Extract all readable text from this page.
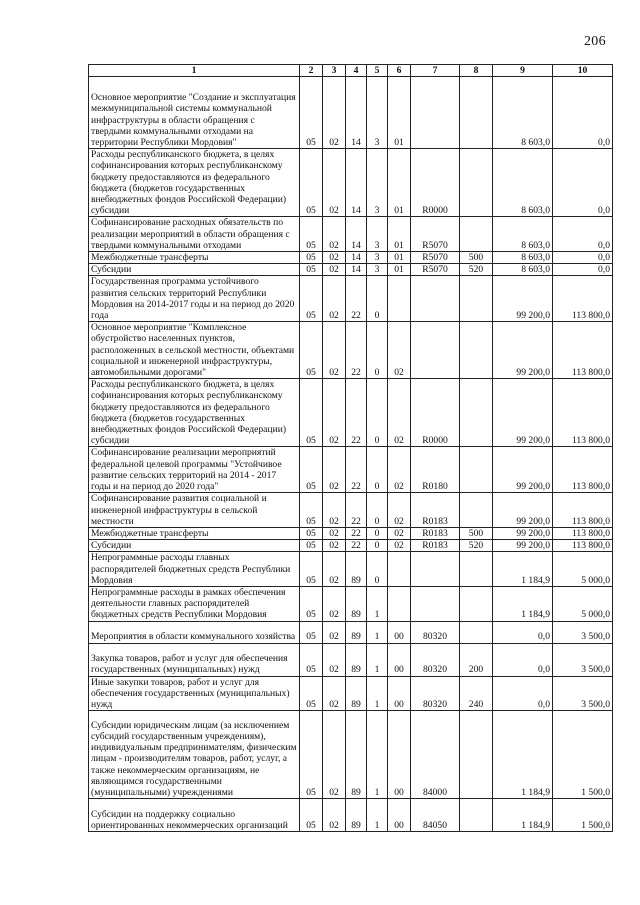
206
1	2	3	4	5	6	7	8	9	10
Основное мероприятие "Создание и эксплуатация межмуниципальной системы коммунальной инфраструктуры в области обращения с твердыми коммунальными отходами на территории Республики Мордовия"	05	02	14	3	01			8 603,0	0,0
Расходы республиканского бюджета, в целях софинансирования которых республиканскому бюджету предоставляются из федерального бюджета (бюджетов государственных внебюджетных фондов Российской Федерации) субсидии	05	02	14	3	01	R0000		8 603,0	0,0
Софинансирование расходных обязательств по реализации мероприятий в области обращения с твердыми коммунальными отходами	05	02	14	3	01	R5070		8 603,0	0,0
Межбюджетные трансферты	05	02	14	3	01	R5070	500	8 603,0	0,0
Субсидии	05	02	14	3	01	R5070	520	8 603,0	0,0
Государственная программа устойчивого развития сельских территорий Республики Мордовия на 2014-2017 годы и на период до 2020 года	05	02	22	0				99 200,0	113 800,0
Основное мероприятие "Комплексное обустройство населенных пунктов, расположенных в сельской местности, объектами социальной и инженерной инфраструктуры, автомобильными дорогами"	05	02	22	0	02			99 200,0	113 800,0
Расходы республиканского бюджета, в целях софинансирования которых республиканскому бюджету предоставляются из федерального бюджета (бюджетов государственных внебюджетных фондов Российской Федерации) субсидии	05	02	22	0	02	R0000		99 200,0	113 800,0
Софинансирование реализации мероприятий федеральной целевой программы "Устойчивое развитие сельских территорий на 2014 - 2017 годы и на период до 2020 года"	05	02	22	0	02	R0180		99 200,0	113 800,0
Софинансирование развития социальной и инженерной инфраструктуры в сельской местности	05	02	22	0	02	R0183		99 200,0	113 800,0
Межбюджетные трансферты	05	02	22	0	02	R0183	500	99 200,0	113 800,0
Субсидии	05	02	22	0	02	R0183	520	99 200,0	113 800,0
Непрограммные расходы главных распорядителей бюджетных средств Республики Мордовия	05	02	89	0				1 184,9	5 000,0
Непрограммные расходы в рамках обеспечения деятельности главных распорядителей бюджетных средств Республики Мордовия	05	02	89	1				1 184,9	5 000,0
Мероприятия в области коммунального хозяйства	05	02	89	1	00	80320		0,0	3 500,0
Закупка товаров, работ и услуг для обеспечения государственных (муниципальных) нужд	05	02	89	1	00	80320	200	0,0	3 500,0
Иные закупки товаров, работ и услуг для обеспечения государственных (муниципальных) нужд	05	02	89	1	00	80320	240	0,0	3 500,0
Субсидии юридическим лицам (за исключением субсидий государственным учреждениям), индивидуальным предпринимателям, физическим лицам - производителям товаров, работ, услуг, а также некоммерческим организациям, не являющимся государственными (муниципальными) учреждениями	05	02	89	1	00	84000		1 184,9	1 500,0
Субсидии на поддержку социально ориентированных некоммерческих организаций	05	02	89	1	00	84050		1 184,9	1 500,0
